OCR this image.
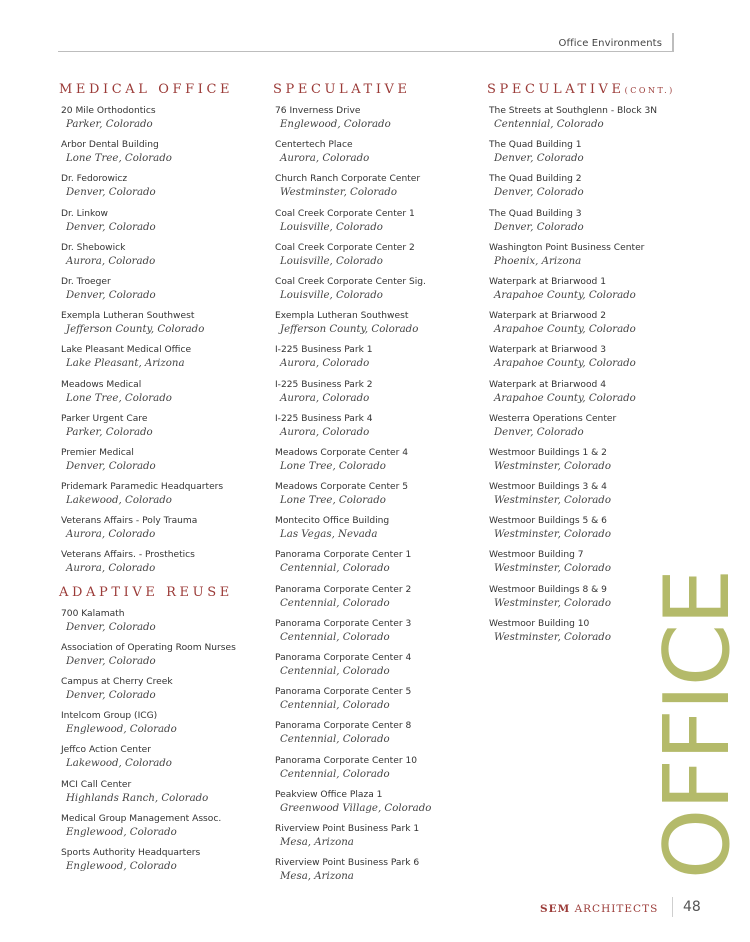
Office Environments
MEDICAL OFFICE
20 Mile Orthodontics
Parker, Colorado
Arbor Dental Building
Lone Tree, Colorado
Dr. Fedorowicz
Denver, Colorado
Dr. Linkow
Denver, Colorado
Dr. Shebowick
Aurora, Colorado
Dr. Troeger
Denver, Colorado
Exempla Lutheran Southwest
Jefferson County, Colorado
Lake Pleasant Medical Office
Lake Pleasant, Arizona
Meadows Medical
Lone Tree, Colorado
Parker Urgent Care
Parker, Colorado
Premier Medical
Denver, Colorado
Pridemark Paramedic Headquarters
Lakewood, Colorado
Veterans Affairs - Poly Trauma
Aurora, Colorado
Veterans Affairs. - Prosthetics
Aurora, Colorado
ADAPTIVE REUSE
700 Kalamath
Denver, Colorado
Association of Operating Room Nurses
Denver, Colorado
Campus at Cherry Creek
Denver, Colorado
Intelcom Group (ICG)
Englewood, Colorado
Jeffco Action Center
Lakewood, Colorado
MCI Call Center
Highlands Ranch, Colorado
Medical Group Management Assoc.
Englewood, Colorado
Sports Authority Headquarters
Englewood, Colorado
SPECULATIVE
76 Inverness Drive
Englewood, Colorado
Centertech Place
Aurora, Colorado
Church Ranch Corporate Center
Westminster, Colorado
Coal Creek Corporate Center 1
Louisville, Colorado
Coal Creek Corporate Center 2
Louisville, Colorado
Coal Creek Corporate Center Sig.
Louisville, Colorado
Exempla Lutheran Southwest
Jefferson County, Colorado
I-225 Business Park 1
Aurora, Colorado
I-225 Business Park 2
Aurora, Colorado
I-225 Business Park 4
Aurora, Colorado
Meadows Corporate Center 4
Lone Tree, Colorado
Meadows Corporate Center 5
Lone Tree, Colorado
Montecito Office Building
Las Vegas, Nevada
Panorama Corporate Center 1
Centennial, Colorado
Panorama Corporate Center 2
Centennial, Colorado
Panorama Corporate Center 3
Centennial, Colorado
Panorama Corporate Center 4
Centennial, Colorado
Panorama Corporate Center 5
Centennial, Colorado
Panorama Corporate Center 8
Centennial, Colorado
Panorama Corporate Center 10
Centennial, Colorado
Peakview Office Plaza 1
Greenwood Village, Colorado
Riverview Point Business Park 1
Mesa, Arizona
Riverview Point Business Park 6
Mesa, Arizona
SPECULATIVE(CONT.)
The Streets at Southglenn - Block 3N
Centennial, Colorado
The Quad Building 1
Denver, Colorado
The Quad Building 2
Denver, Colorado
The Quad Building 3
Denver, Colorado
Washington Point Business Center
Phoenix, Arizona
Waterpark at Briarwood 1
Arapahoe County, Colorado
Waterpark at Briarwood 2
Arapahoe County, Colorado
Waterpark at Briarwood 3
Arapahoe County, Colorado
Waterpark at Briarwood 4
Arapahoe County, Colorado
Westerra Operations Center
Denver, Colorado
Westmoor Buildings 1 & 2
Westminster, Colorado
Westmoor Buildings 3 & 4
Westminster, Colorado
Westmoor Buildings 5 & 6
Westminster, Colorado
Westmoor Building 7
Westminster, Colorado
Westmoor Buildings 8 & 9
Westminster, Colorado
Westmoor Building 10
Westminster, Colorado OFFICE
SEM ARCHITECTS 48
